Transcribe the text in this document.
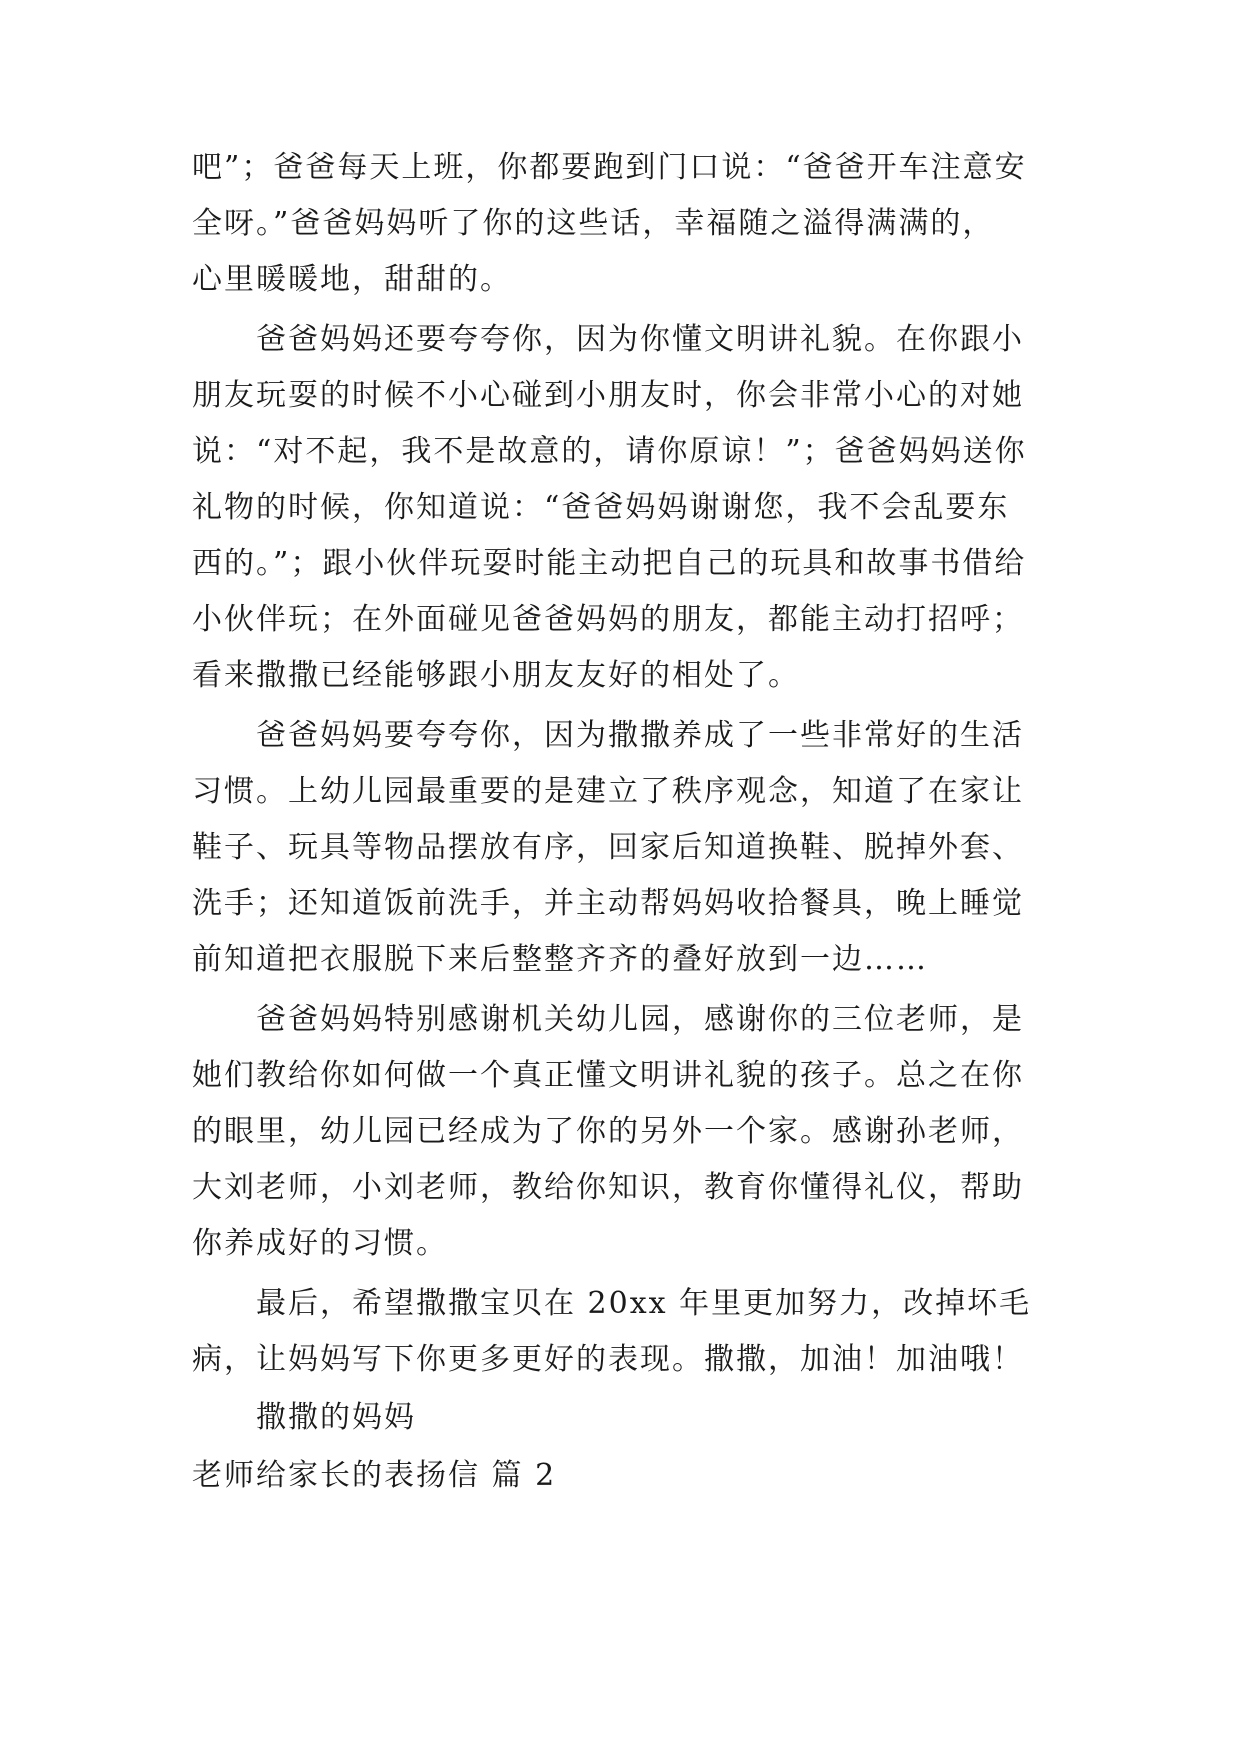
吧”；爸爸每天上班，你都要跑到门口说：“爸爸开车注意安
全呀。”爸爸妈妈听了你的这些话，幸福随之溢得满满的，
心里暖暖地，甜甜的。
爸爸妈妈还要夸夸你，因为你懂文明讲礼貌。在你跟小
朋友玩耍的时候不小心碰到小朋友时，你会非常小心的对她
说：“对不起，我不是故意的，请你原谅！”；爸爸妈妈送你
礼物的时候，你知道说：“爸爸妈妈谢谢您，我不会乱要东
西的。”；跟小伙伴玩耍时能主动把自己的玩具和故事书借给
小伙伴玩；在外面碰见爸爸妈妈的朋友，都能主动打招呼；
看来撒撒已经能够跟小朋友友好的相处了。
爸爸妈妈要夸夸你，因为撒撒养成了一些非常好的生活
习惯。上幼儿园最重要的是建立了秩序观念，知道了在家让
鞋子、玩具等物品摆放有序，回家后知道换鞋、脱掉外套、
洗手；还知道饭前洗手，并主动帮妈妈收拾餐具，晚上睡觉
前知道把衣服脱下来后整整齐齐的叠好放到一边……
爸爸妈妈特别感谢机关幼儿园，感谢你的三位老师，是
她们教给你如何做一个真正懂文明讲礼貌的孩子。总之在你
的眼里，幼儿园已经成为了你的另外一个家。感谢孙老师，
大刘老师，小刘老师，教给你知识，教育你懂得礼仪，帮助
你养成好的习惯。
最后，希望撒撒宝贝在 20xx 年里更加努力，改掉坏毛
病，让妈妈写下你更多更好的表现。撒撒，加油！加油哦！
撒撒的妈妈
老师给家长的表扬信 篇 2
